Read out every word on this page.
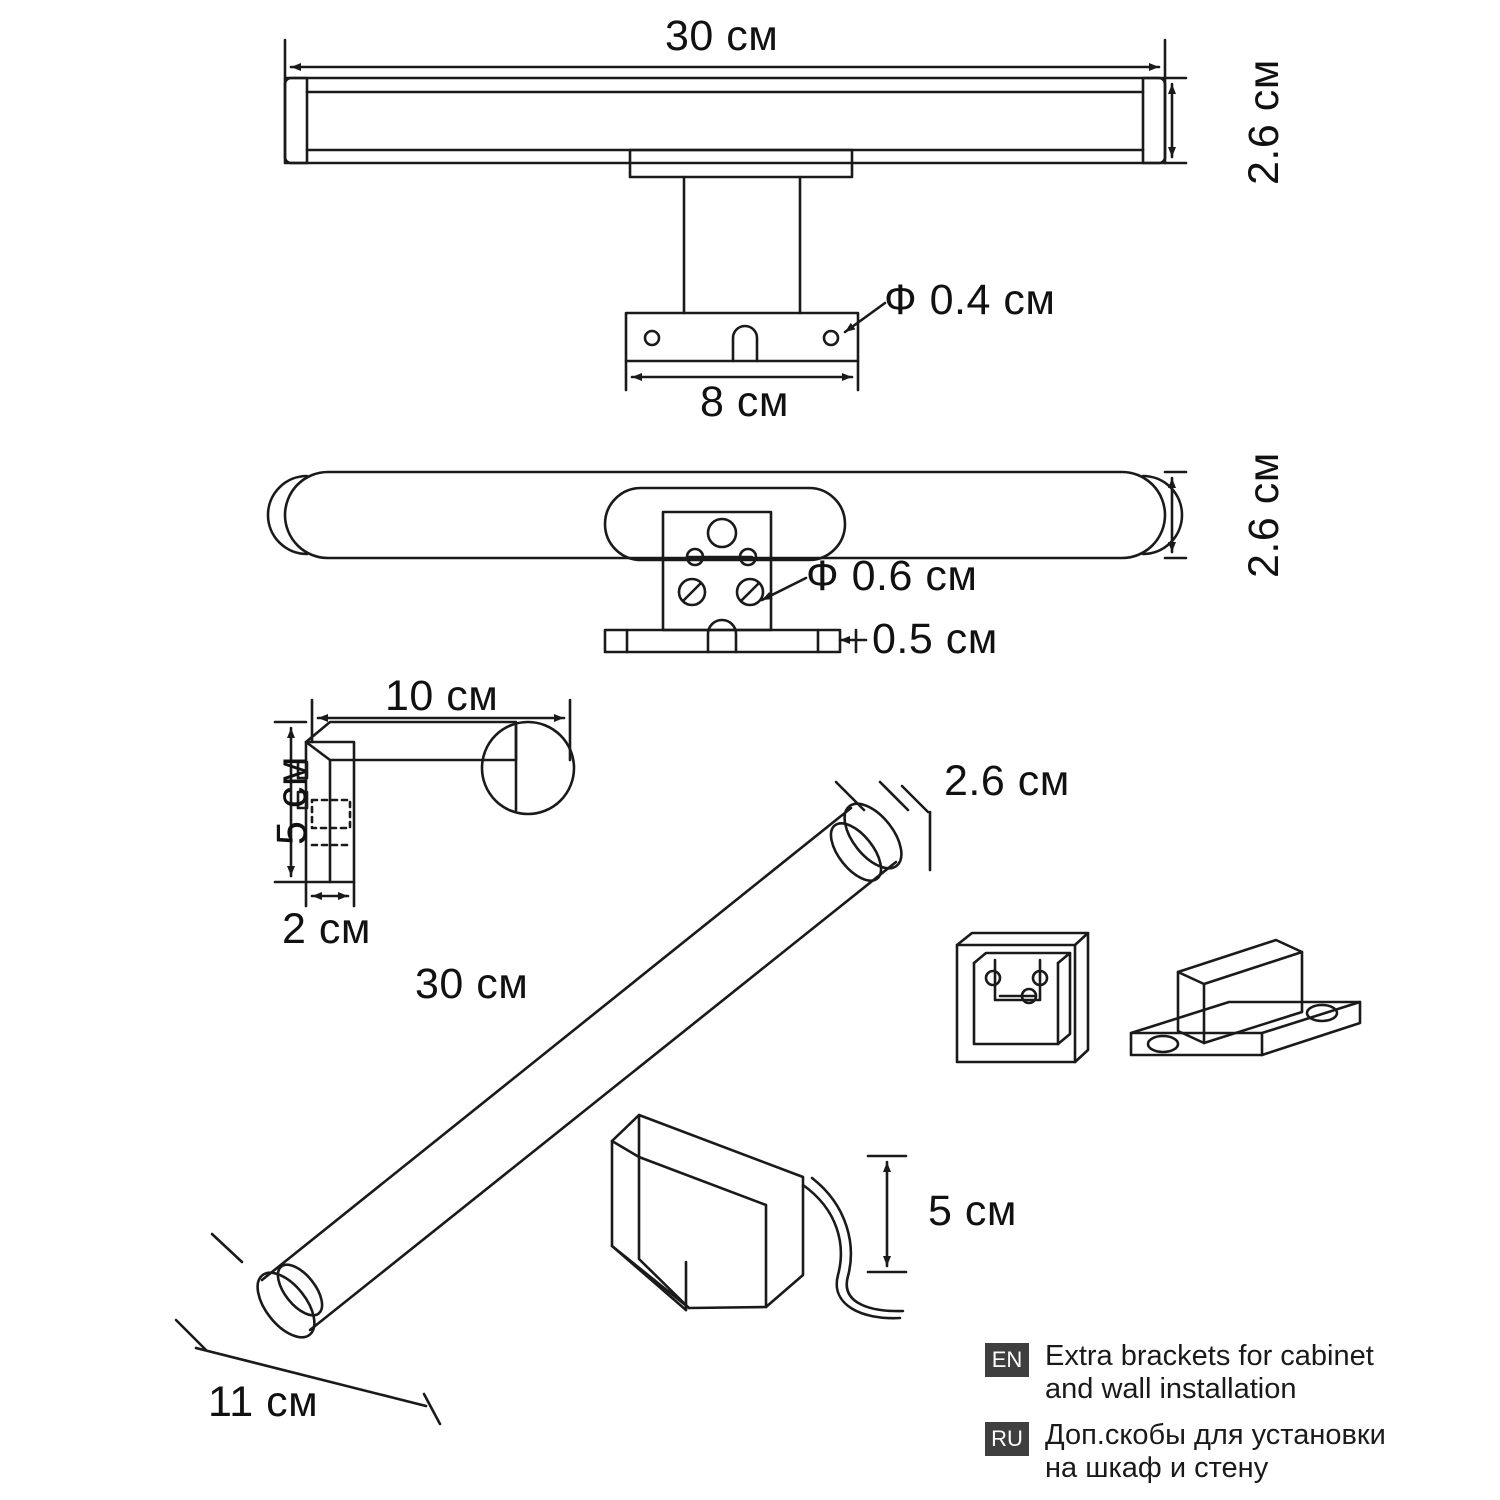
30 см
2.6 см
8 см
Ф 0.4 см
2.6 см
Ф 0.6 см
0.5 см
10 см
5 см
2 см
2.6 см
30 см
5 см
11 см
EN Extra brackets for cabinet
and wall installation
RU Доп.скобы для установки
на шкаф и стену
